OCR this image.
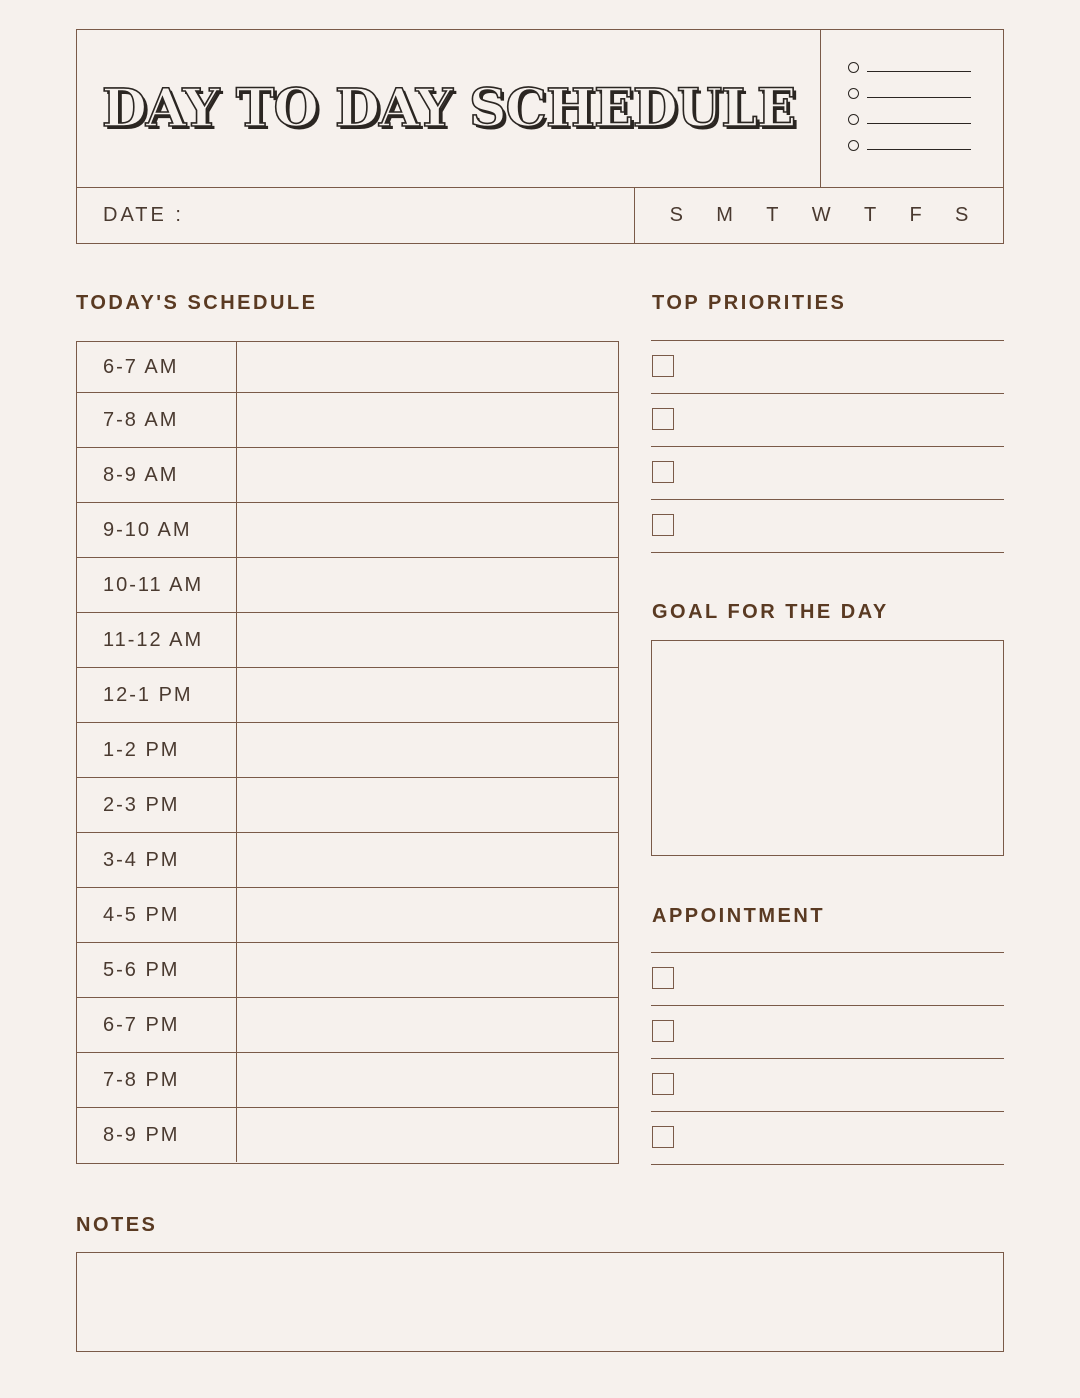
DAY TO DAY SCHEDULE
DATE :	S M T W T F S
TODAY'S SCHEDULE
6-7 AM
7-8 AM
8-9 AM
9-10 AM
10-11 AM
11-12 AM
12-1 PM
1-2 PM
2-3 PM
3-4 PM
4-5 PM
5-6 PM
6-7 PM
7-8 PM
8-9 PM
TOP PRIORITIES
GOAL FOR THE DAY
APPOINTMENT
NOTES
